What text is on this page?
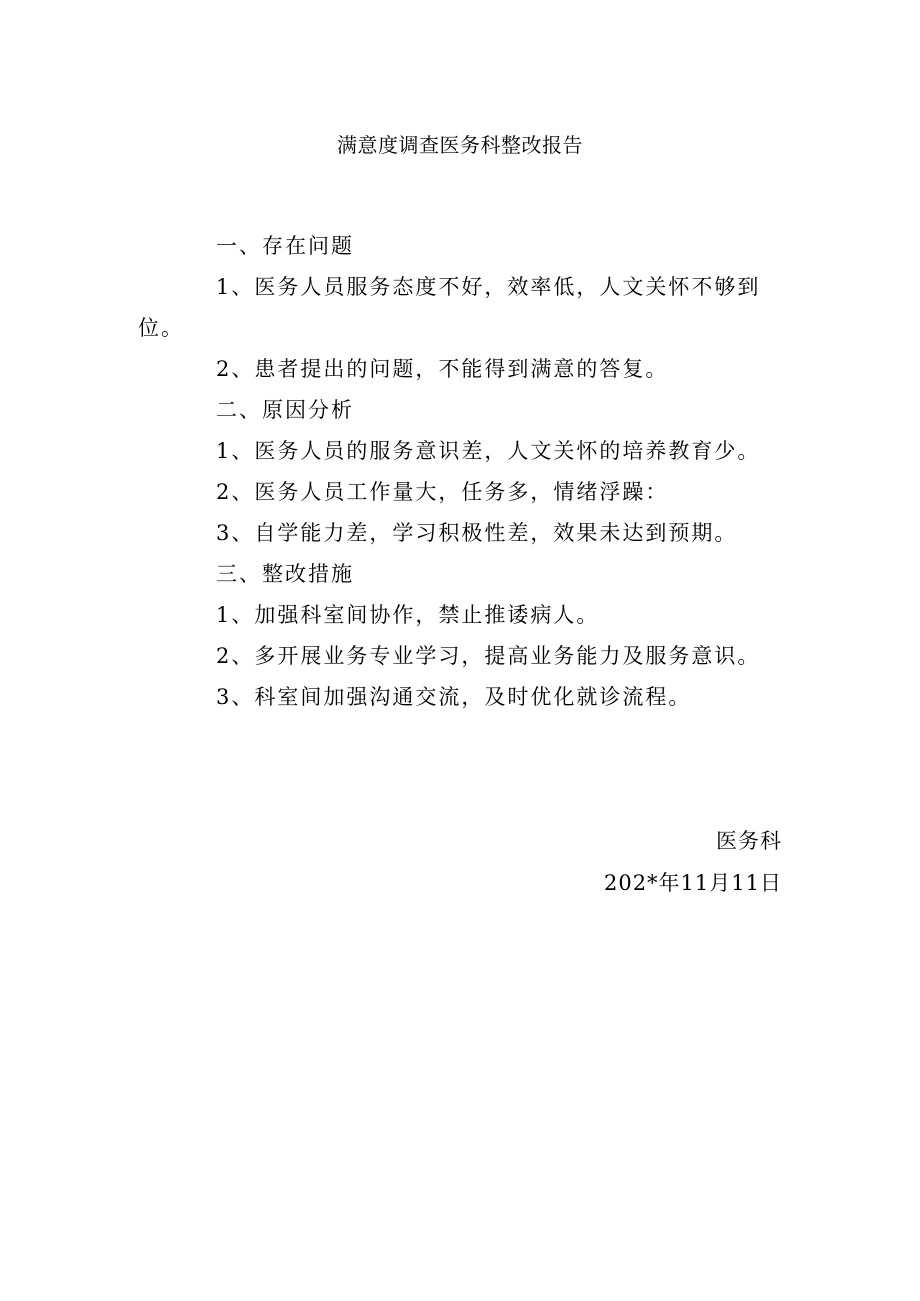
满意度调查医务科整改报告

一、存在问题

1、医务人员服务态度不好，效率低，人文关怀不够到位。

2、患者提出的问题，不能得到满意的答复。

二、原因分析

1、医务人员的服务意识差，人文关怀的培养教育少。

2、医务人员工作量大，任务多，情绪浮躁：

3、自学能力差，学习积极性差，效果未达到预期。

三、整改措施

1、加强科室间协作，禁止推诿病人。

2、多开展业务专业学习，提高业务能力及服务意识。

3、科室间加强沟通交流，及时优化就诊流程。

医务科
202*年11月11日
